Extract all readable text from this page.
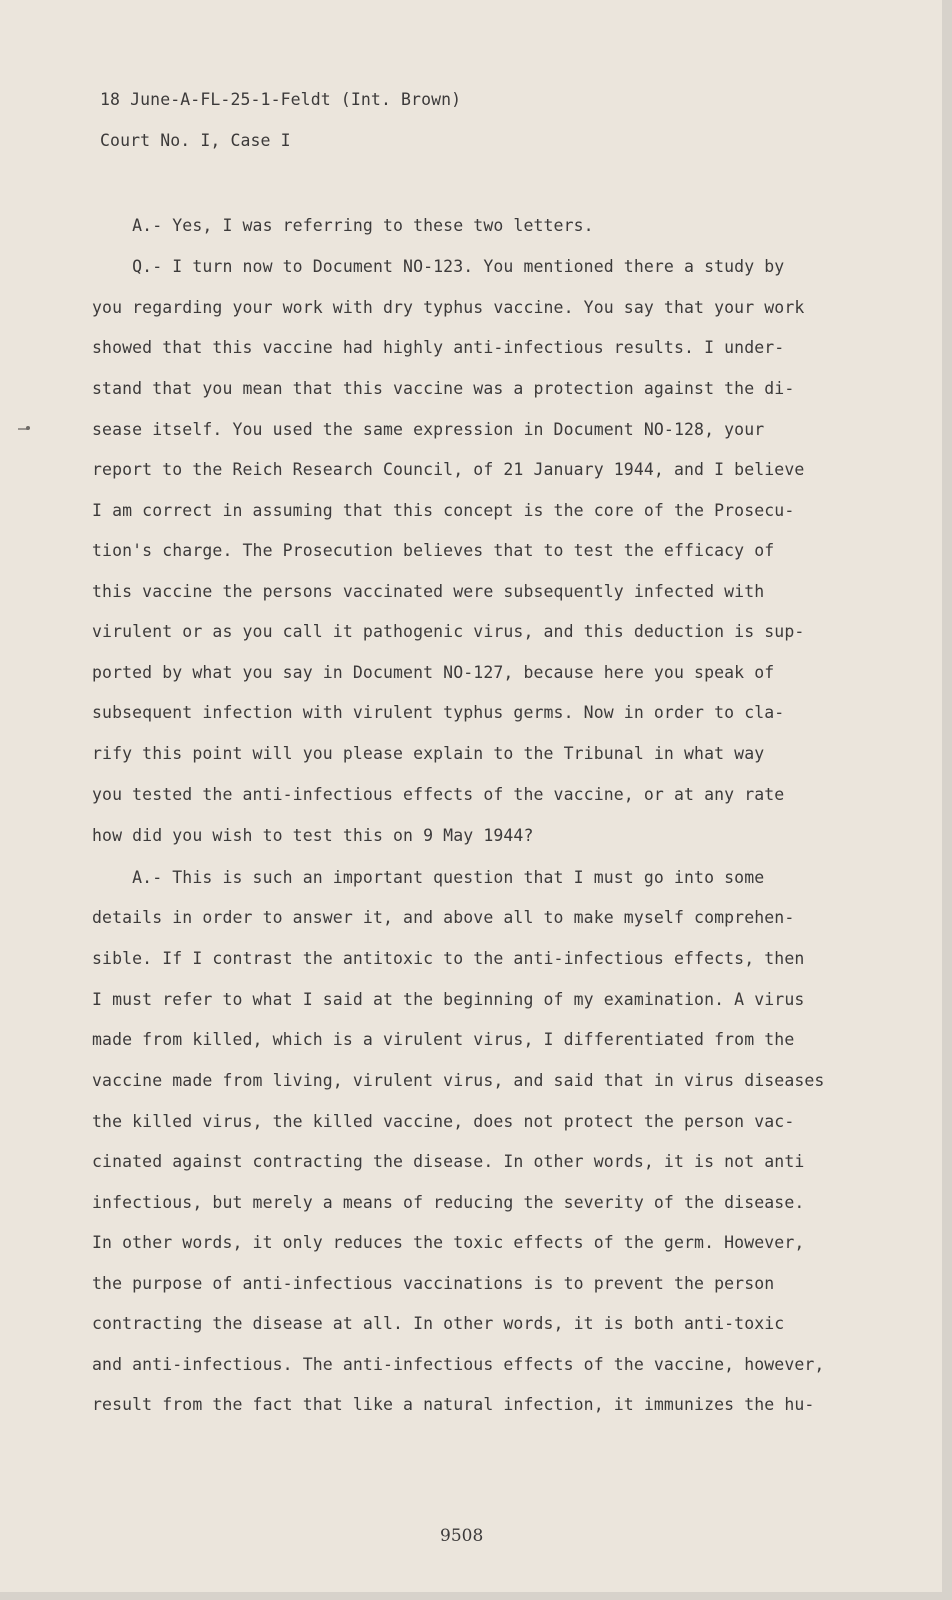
18 June-A-FL-25-1-Feldt (Int. Brown)
Court No. I, Case I
A.- Yes, I was referring to these two letters.
Q.- I turn now to Document NO-123. You mentioned there a study by
you regarding your work with dry typhus vaccine. You say that your work
showed that this vaccine had highly anti-infectious results. I under-
stand that you mean that this vaccine was a protection against the di-
sease itself. You used the same expression in Document NO-128, your
report to the Reich Research Council, of 21 January 1944, and I believe
I am correct in assuming that this concept is the core of the Prosecu-
tion's charge. The Prosecution believes that to test the efficacy of
this vaccine the persons vaccinated were subsequently infected with
virulent or as you call it pathogenic virus, and this deduction is sup-
ported by what you say in Document NO-127, because here you speak of
subsequent infection with virulent typhus germs. Now in order to cla-
rify this point will you please explain to the Tribunal in what way
you tested the anti-infectious effects of the vaccine, or at any rate
how did you wish to test this on 9 May 1944?
A.- This is such an important question that I must go into some
details in order to answer it, and above all to make myself comprehen-
sible. If I contrast the antitoxic to the anti-infectious effects, then
I must refer to what I said at the beginning of my examination. A virus
made from killed, which is a virulent virus, I differentiated from the
vaccine made from living, virulent virus, and said that in virus diseases
the killed virus, the killed vaccine, does not protect the person vac-
cinated against contracting the disease. In other words, it is not anti
infectious, but merely a means of reducing the severity of the disease.
In other words, it only reduces the toxic effects of the germ. However,
the purpose of anti-infectious vaccinations is to prevent the person
contracting the disease at all. In other words, it is both anti-toxic
and anti-infectious. The anti-infectious effects of the vaccine, however,
result from the fact that like a natural infection, it immunizes the hu-
9508
